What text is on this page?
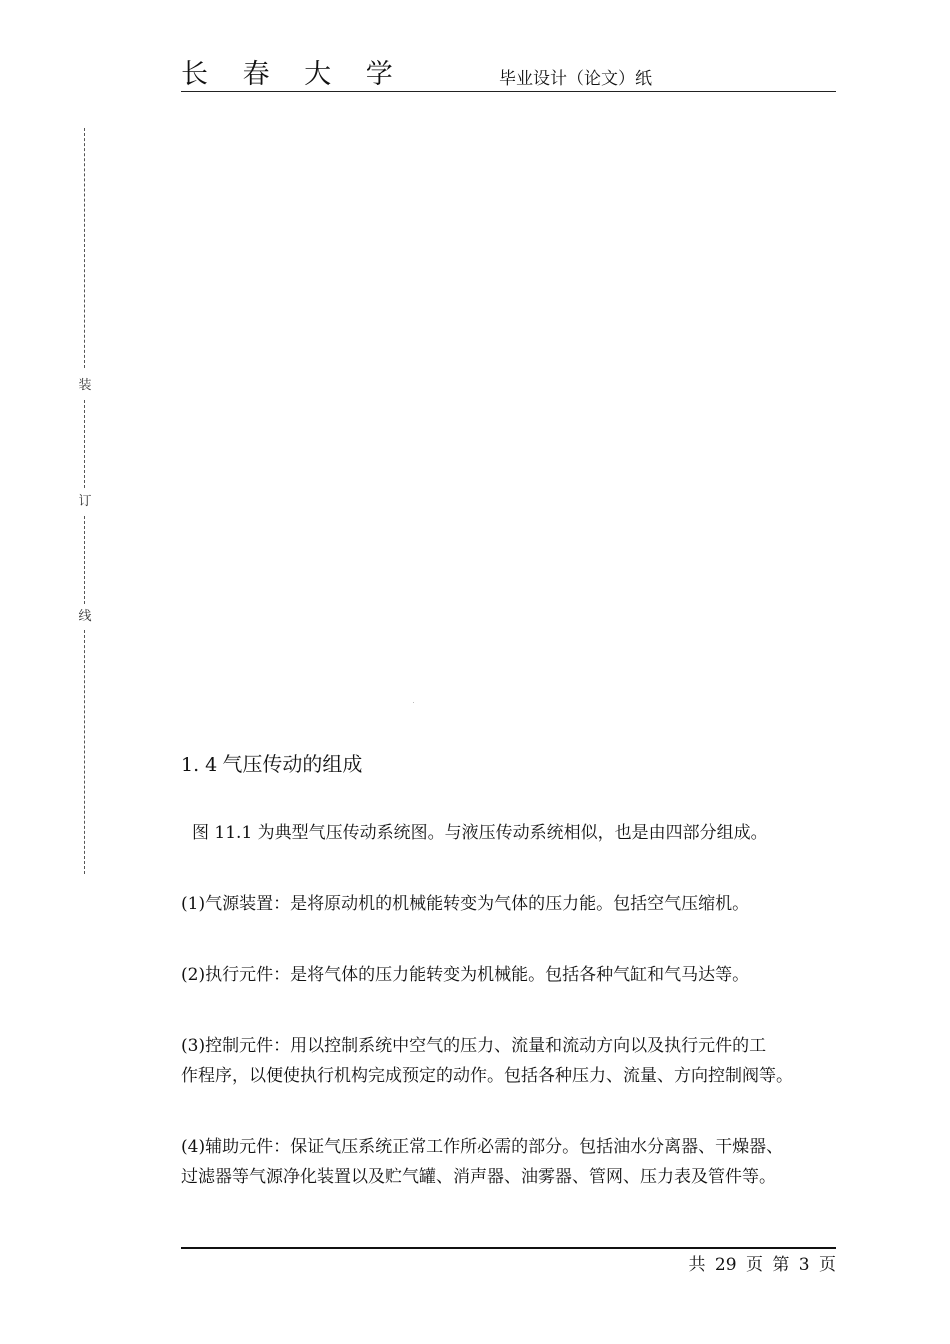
长 春 大 学	毕业设计（论文）纸
装
订
线
1. 4 气压传动的组成
图 11.1 为典型气压传动系统图。与液压传动系统相似，也是由四部分组成。
(1)气源装置：是将原动机的机械能转变为气体的压力能。包括空气压缩机。
(2)执行元件：是将气体的压力能转变为机械能。包括各种气缸和气马达等。
(3)控制元件：用以控制系统中空气的压力、流量和流动方向以及执行元件的工
作程序，以便使执行机构完成预定的动作。包括各种压力、流量、方向控制阀等。
(4)辅助元件：保证气压系统正常工作所必需的部分。包括油水分离器、干燥器、
过滤器等气源净化装置以及贮气罐、消声器、油雾器、管网、压力表及管件等。
共 29 页 第 3 页
